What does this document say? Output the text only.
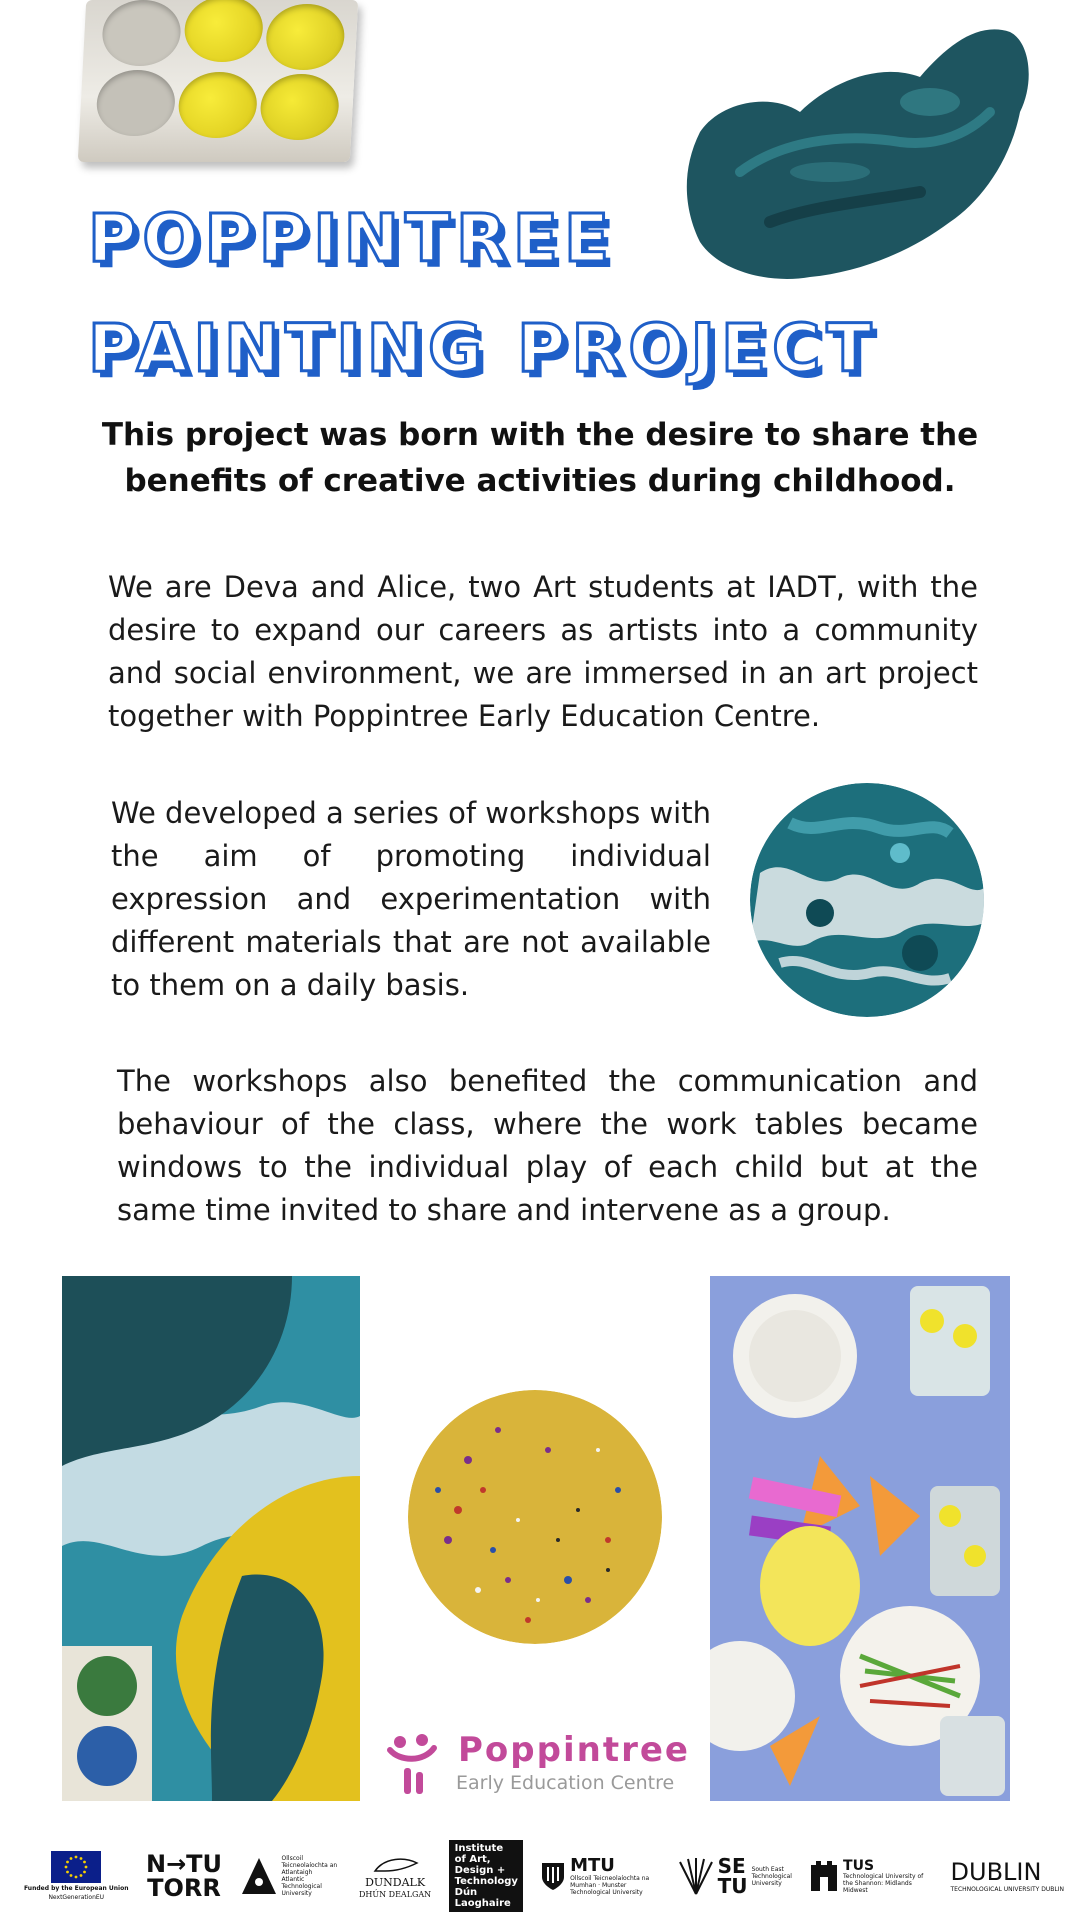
POPPINTREE
PAINTING PROJECT
This project was born with the desire to share the benefits of creative activities during childhood.
We are Deva and Alice, two Art students at IADT, with the desire to expand our careers as artists into a community and social environment, we are immersed in an art project together with Poppintree Early Education Centre.
We developed a series of workshops with the aim of promoting individual expression and experimentation with different materials that are not available to them on a daily basis.
The workshops also benefited the communication and behaviour of the class, where the work tables became windows to the individual play of each child but at the same time invited to share and intervene as a group.
Poppintree
Early Education Centre
Funded by the European Union
NextGenerationEU
N→TU
TORR
Ollscoil Teicneolaíochta an Atlantaigh
Atlantic Technological University
DUNDALK
DHÚN DEALGAN
Institute of Art, Design + Technology Dún Laoghaire
MTU
Ollscoil Teicneolaíochta na Mumhan · Munster Technological University
SE TU
South East Technological University
TUS
Technological University of the Shannon: Midlands Midwest
DUBLIN
TECHNOLOGICAL UNIVERSITY DUBLIN
